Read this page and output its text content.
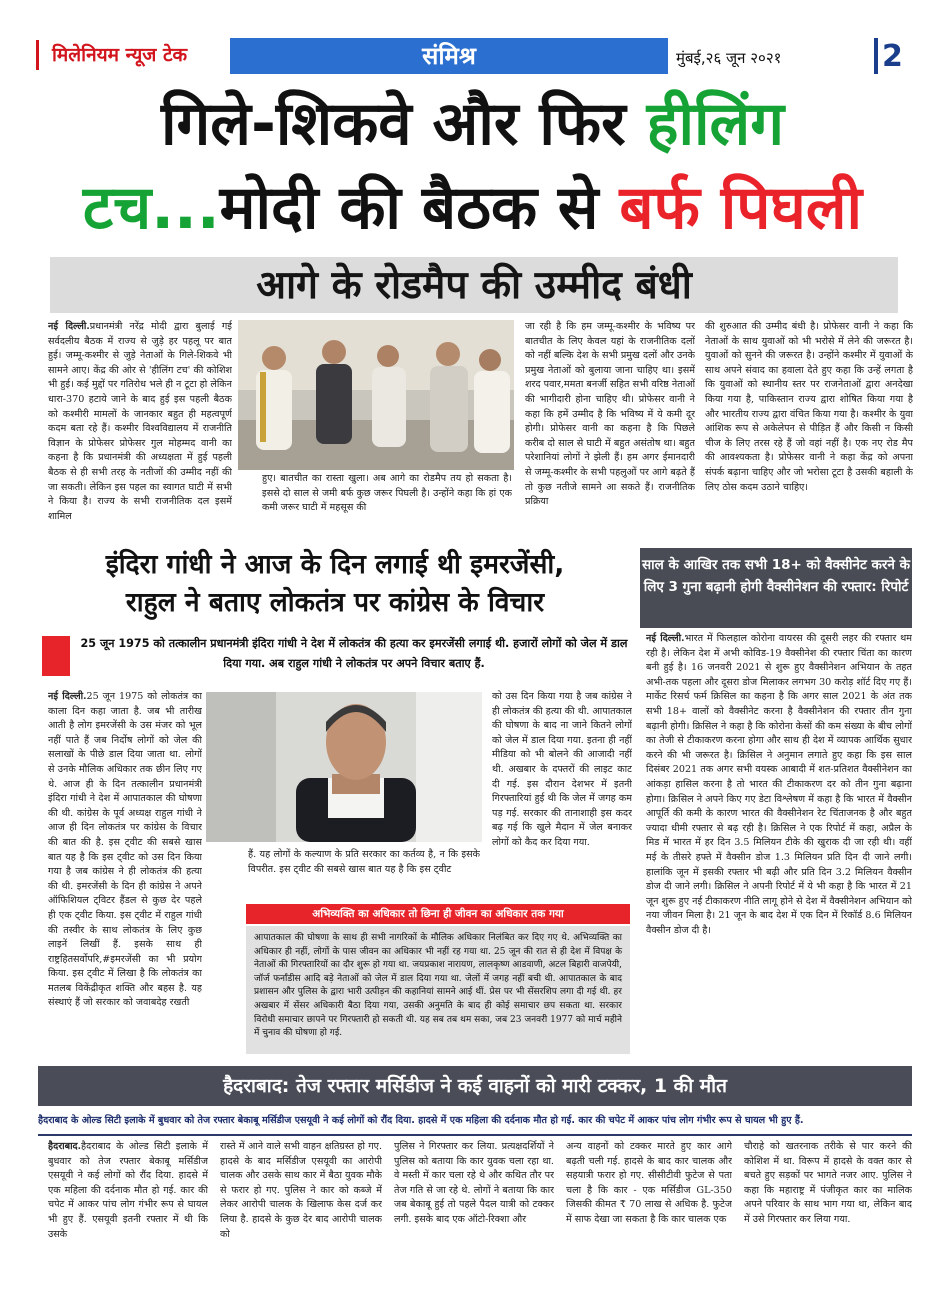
मिलेनियम न्यूज टेक	संमिश्र	मुंबई,२६ जून २०२१	2
गिले-शिकवे और फिर हीलिंग
टच...मोदी की बैठक से बर्फ पिघली
आगे के रोडमैप की उम्मीद बंधी
नई दिल्ली.प्रधानमंत्री नरेंद्र मोदी द्वारा बुलाई गई सर्वदलीय बैठक में राज्य से जुड़े हर पहलू पर बात हुई। जम्मू-कश्मीर से जुड़े नेताओं के गिले-शिकवे भी सामने आए। केंद्र की ओर से 'हीलिंग टच' की कोशिश भी हुई। कई मुद्दों पर गतिरोध भले ही न टूटा हो लेकिन धारा-370 हटाये जाने के बाद हुई इस पहली बैठक को कश्मीरी मामलों के जानकार बहुत ही महत्वपूर्ण कदम बता रहे हैं। कश्मीर विश्वविद्यालय में राजनीति विज्ञान के प्रोफेसर प्रोफेसर गुल मोहम्मद वानी का कहना है कि प्रधानमंत्री की अध्यक्षता में हुई पहली बैठक से ही सभी तरह के नतीजों की उम्मीद नहीं की जा सकती। लेकिन इस पहल का स्वागत घाटी में सभी ने किया है। राज्य के सभी राजनीतिक दल इसमें शामिल
हुए। बातचीत का रास्ता खुला। अब आगे का रोडमैप तय हो सकता है। इससे दो साल से जमी बर्फ कुछ जरूर पिघली है। उन्होंने कहा कि हां एक कमी जरूर घाटी में महसूस की
जा रही है कि हम जम्मू-कश्मीर के भविष्य पर बातचीत के लिए केवल यहां के राजनीतिक दलों को नहीं बल्कि देश के सभी प्रमुख दलों और उनके प्रमुख नेताओं को बुलाया जाना चाहिए था। इसमें शरद पवार,ममता बनर्जी सहित सभी वरिष्ठ नेताओं की भागीदारी होना चाहिए थी। प्रोफेसर वानी ने कहा कि हमें उम्मीद है कि भविष्य में ये कमी दूर होगी। प्रोफेसर वानी का कहना है कि पिछले करीब दो साल से घाटी में बहुत असंतोष था। बहुत परेशानियां लोगों ने झेली हैं। हम अगर ईमानदारी से जम्मू-कश्मीर के सभी पहलुओं पर आगे बढ़ते हैं तो कुछ नतीजे सामने आ सकते हैं। राजनीतिक प्रक्रिया
की शुरुआत की उम्मीद बंधी है। प्रोफेसर वानी ने कहा कि नेताओं के साथ युवाओं को भी भरोसे में लेने की जरूरत है। युवाओं को सुनने की जरूरत है। उन्होंने कश्मीर में युवाओं के साथ अपने संवाद का हवाला देते हुए कहा कि उन्हें लगता है कि युवाओं को स्थानीय स्तर पर राजनेताओं द्वारा अनदेखा किया गया है, पाकिस्तान राज्य द्वारा शोषित किया गया है और भारतीय राज्य द्वारा वंचित किया गया है। कश्मीर के युवा आंशिक रूप से अकेलेपन से पीड़ित हैं और किसी न किसी चीज के लिए तरस रहे हैं जो वहां नहीं है। एक नए रोड मैप की आवश्यकता है। प्रोफेसर वानी ने कहा केंद्र को अपना संपर्क बढ़ाना चाहिए और जो भरोसा टूटा है उसकी बहाली के लिए ठोस कदम उठाने चाहिए।
इंदिरा गांधी ने आज के दिन लगाई थी इमरजेंसी,
राहुल ने बताए लोकतंत्र पर कांग्रेस के विचार
25 जून 1975 को तत्कालीन प्रधानमंत्री इंदिरा गांधी ने देश में लोकतंत्र की हत्या कर इमरजेंसी लगाई थी. हजारों लोगों को जेल में डाल दिया गया. अब राहुल गांधी ने लोकतंत्र पर अपने विचार बताए हैं.
नई दिल्ली.25 जून 1975 को लोकतंत्र का काला दिन कहा जाता है. जब भी तारीख आती है लोग इमरजेंसी के उस मंजर को भूल नहीं पाते हैं जब निर्दोष लोगों को जेल की सलाखों के पीछे डाल दिया जाता था. लोगों से उनके मौलिक अधिकार तक छीन लिए गए थे. आज ही के दिन तत्कालीन प्रधानमंत्री इंदिरा गांधी ने देश में आपातकाल की घोषणा की थी. कांग्रेस के पूर्व अध्यक्ष राहुल गांधी ने आज ही दिन लोकतंत्र पर कांग्रेस के विचार की बात की है. इस ट्वीट की सबसे खास बात यह है कि इस ट्वीट को उस दिन किया गया है जब कांग्रेस ने ही लोकतंत्र की हत्या की थी. इमरजेंसी के दिन ही कांग्रेस ने अपने ऑफिशियल ट्विटर हैंडल से कुछ देर पहले ही एक ट्वीट किया. इस ट्वीट में राहुल गांधी की तस्वीर के साथ लोकतंत्र के लिए कुछ लाइनें लिखीं हैं. इसके साथ ही राष्ट्रहितसर्वोपरि,#इमरजेंसी का भी प्रयोग किया. इस ट्वीट में लिखा है कि लोकतंत्र का मतलब विकेंद्रीकृत शक्ति और बहस है. यह संस्थाएं हैं जो सरकार को जवाबदेह रखती
हैं. यह लोगों के कल्याण के प्रति सरकार का कर्तव्य है, न कि इसके विपरीत. इस ट्वीट की सबसे खास बात यह है कि इस ट्वीट
को उस दिन किया गया है जब कांग्रेस ने ही लोकतंत्र की हत्या की थी. आपातकाल की घोषणा के बाद ना जाने कितने लोगों को जेल में डाल दिया गया. इतना ही नहीं मीडिया को भी बोलने की आजादी नहीं थी. अखबार के दफ्तरों की लाइट काट दी गई. इस दौरान देशभर में इतनी गिरफ्तारियां हुई थी कि जेल में जगह कम पड़ गई. सरकार की तानाशाही इस कदर बढ़ गई कि खुले मैदान में जेल बनाकर लोगों को कैद कर दिया गया.
अभिव्यक्ति का अधिकार तो छिना ही जीवन का अधिकार तक गया
आपातकाल की घोषणा के साथ ही सभी नागरिकों के मौलिक अधिकार निलंबित कर दिए गए थे. अभिव्यक्ति का अधिकार ही नहीं, लोगों के पास जीवन का अधिकार भी नहीं रह गया था. 25 जून की रात से ही देश में विपक्ष के नेताओं की गिरफ्तारियों का दौर शुरू हो गया था. जयप्रकाश नारायण, लालकृष्ण आडवाणी, अटल बिहारी वाजपेयी, जॉर्ज फर्नांडीस आदि बड़े नेताओं को जेल में डाल दिया गया था. जेलों में जगह नहीं बची थी. आपातकाल के बाद प्रशासन और पुलिस के द्वारा भारी उत्पीड़न की कहानियां सामने आई थीं. प्रेस पर भी सेंसरशिप लगा दी गई थी. हर अखबार में सेंसर अधिकारी बैठा दिया गया, उसकी अनुमति के बाद ही कोई समाचार छप सकता था. सरकार विरोधी समाचार छापने पर गिरफ्तारी हो सकती थी. यह सब तब थम सका, जब 23 जनवरी 1977 को मार्च महीने में चुनाव की घोषणा हो गई.
साल के आखिर तक सभी 18+ को वैक्सीनेट करने के लिए 3 गुना बढ़ानी होगी वैक्सीनेशन की रफ्तार: रिपोर्ट
नई दिल्ली.भारत में फिलहाल कोरोना वायरस की दूसरी लहर की रफ्तार थम रही है। लेकिन देश में अभी कोविड-19 वैक्सीनेश की रफ्तार चिंता का कारण बनी हुई है। 16 जनवरी 2021 से शुरू हुए वैक्सीनेशन अभियान के तहत अभी-तक पहला और दूसरा डोज मिलाकर लगभग 30 करोड़ शॉर्ट दिए गए हैं। मार्केट रिसर्च फर्म क्रिसिल का कहना है कि अगर साल 2021 के अंत तक सभी 18+ वालों को वैक्सीनेट करना है वैक्सीनेशन की रफ्तार तीन गुना बढ़ानी होगी। क्रिसिल ने कहा है कि कोरोना केसों की कम संख्या के बीच लोगों का तेजी से टीकाकरण करना होगा और साथ ही देश में व्यापक आर्थिक सुधार करने की भी जरूरत है। क्रिसिल ने अनुमान लगाते हुए कहा कि इस साल दिसंबर 2021 तक अगर सभी वयस्क आबादी में शत-प्रतिशत वैक्सीनेशन का आंकड़ा हासिल करना है तो भारत की टीकाकरण दर को तीन गुना बढ़ाना होगा। क्रिसिल ने अपने किए गए डेटा विश्लेषण में कहा है कि भारत में वैक्सीन आपूर्ति की कमी के कारण भारत की वैक्सीनेशन रेट चिंताजनक है और बहुत ज्यादा धीमी रफ्तार से बढ़ रही है। क्रिसिल ने एक रिपोर्ट में कहा, अप्रैल के मिड में भारत में हर दिन 3.5 मिलियन टीके की खुराक दी जा रही थी। वहीं मई के तीसरे हफ्ते में वैक्सीन डोज 1.3 मिलियन प्रति दिन दी जाने लगी। हालांकि जून में इसकी रफ्तार भी बढ़ी और प्रति दिन 3.2 मिलियन वैक्सीन डोज दी जाने लगी। क्रिसिल ने अपनी रिपोर्ट में ये भी कहा है कि भारत में 21 जून शुरू हुए नई टीकाकरण नीति लागू होने से देश में वैक्सीनेशन अभियान को नया जीवन मिला है। 21 जून के बाद देश में एक दिन में रिकॉर्ड 8.6 मिलियन वैक्सीन डोज दी है।
हैदराबाद: तेज रफ्तार मर्सिडीज ने कई वाहनों को मारी टक्कर, 1 की मौत
हैदराबाद के ओल्ड सिटी इलाके में बुधवार को तेज रफ्तार बेकाबू मर्सिडीज एसयूवी ने कई लोगों को रौंद दिया. हादसे में एक महिला की दर्दनाक मौत हो गई. कार की चपेट में आकर पांच लोग गंभीर रूप से घायल भी हुए हैं.
हैदराबाद.हैदराबाद के ओल्ड सिटी इलाके में बुधवार को तेज रफ्तार बेकाबू मर्सिडीज एसयूवी ने कई लोगों को रौंद दिया. हादसे में एक महिला की दर्दनाक मौत हो गई. कार की चपेट में आकर पांच लोग गंभीर रूप से घायल भी हुए हैं. एसयूवी इतनी रफ्तार में थी कि उसके
रास्ते में आने वाले सभी वाहन क्षतिग्रस्त हो गए. हादसे के बाद मर्सिडीज एसयूवी का आरोपी चालक और उसके साथ कार में बैठा युवक मौके से फरार हो गए. पुलिस ने कार को कब्जे में लेकर आरोपी चालक के खिलाफ केस दर्ज कर लिया है. हादसे के कुछ देर बाद आरोपी चालक को
पुलिस ने गिरफ्तार कर लिया. प्रत्यक्षदर्शियों ने पुलिस को बताया कि कार युवक चला रहा था. वे मस्ती में कार चला रहे थे और कथित तौर पर तेज गति से जा रहे थे. लोगों ने बताया कि कार जब बेकाबू हुई तो पहले पैदल यात्री को टक्कर लगी. इसके बाद एक ऑटो-रिक्शा और
अन्य वाहनों को टक्कर मारते हुए कार आगे बढ़ती चली गई. हादसे के बाद कार चालक और सहयात्री फरार हो गए. सीसीटीवी फुटेज से पता चला है कि कार - एक मर्सिडीज GL-350 जिसकी कीमत ₹ 70 लाख से अधिक है. फुटेज में साफ देखा जा सकता है कि कार चालक एक
चौराहे को खतरनाक तरीके से पार करने की कोशिश में था. विरूप में हादसे के वक्त कार से बचते हुए सड़कों पर भागते नजर आए. पुलिस ने कहा कि महाराष्ट्र में पंजीकृत कार का मालिक अपने परिवार के साथ भाग गया था, लेकिन बाद में उसे गिरफ्तार कर लिया गया.
